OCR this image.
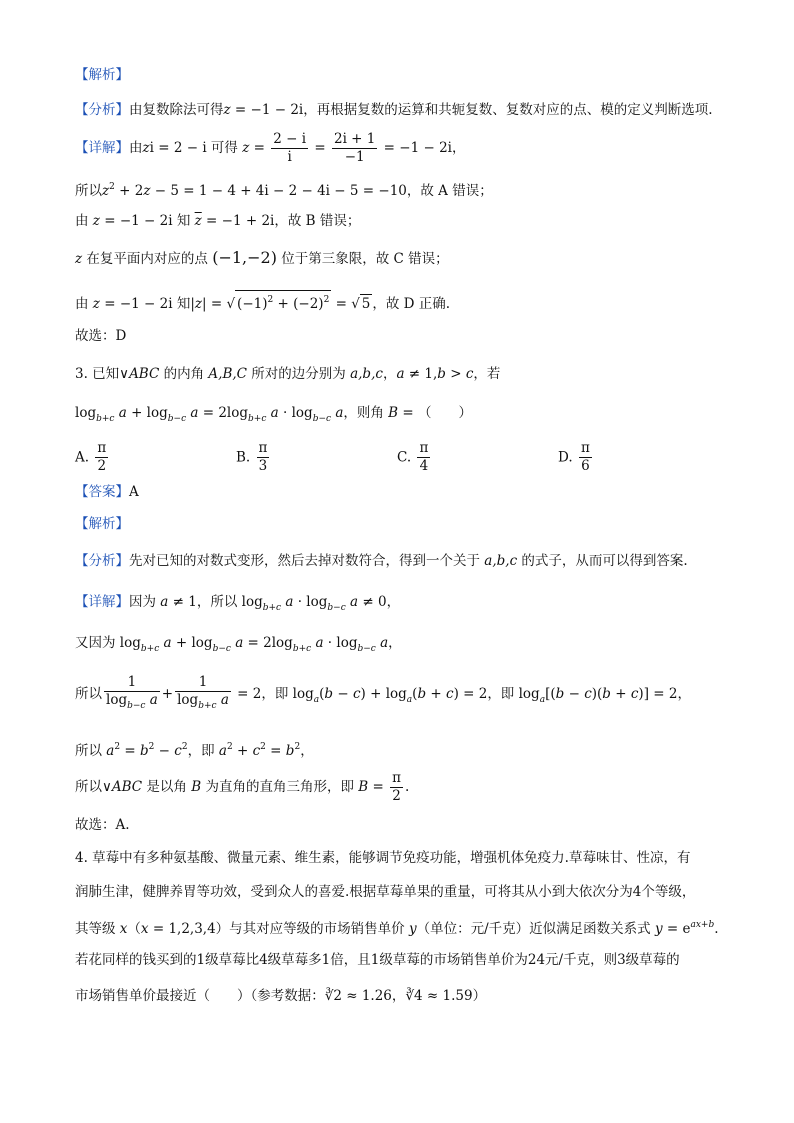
【解析】
【分析】由复数除法可得z = −1 − 2i，再根据复数的运算和共轭复数、复数对应的点、模的定义判断选项.
【详解】由zi = 2 − i 可得 $z = \frac{2 - i}{i} = \frac{2i + 1}{-1} = -1 - 2i$，
所以$z^2 + 2z - 5 = 1 - 4 + 4i - 2 - 4i - 5 = -10$，故 A 错误；
由 z = −1 − 2i 知 $\overline{z} = -1 + 2i$，故 B 错误；
z 在复平面内对应的点 (−1,−2) 位于第三象限，故 C 错误；
由 z = −1 − 2i 知|z| = √ $(-1)^2 + (-2)^2$ = √ 5 ，故 D 正确.
故选：D
3. 已知∨ABC 的内角 A,B,C 所对的边分别为 a,b,c，a ≠ 1,b > c，若
$\log_{b+c} a + \log_{b-c} a = 2\log_{b+c}$ $a \cdot \log_{b-c} a$，则角 B = （　　）
A. $\frac{\pi}{2}$	B. $\frac{\pi}{3}$	C. $\frac{\pi}{4}$	D. $\frac{\pi}{6}$
【答案】A
【解析】
【分析】先对已知的对数式变形，然后去掉对数符合，得到一个关于 a,b,c 的式子，从而可以得到答案.
【详解】因为 a ≠ 1，所以 $\log_{b+c} a \cdot \log_{b-c} a \ne 0$，
又因为 $\log_{b+c} a + \log_{b-c} a = 2\log_{b+c}$ $a \cdot \log_{b-c} a$，
所以 $\frac{1}{\log_{b-c} a} + \frac{1}{\log_{b+c} a} = 2$，即 $\log_a(b - c) + \log_a(b + c) = 2$，即 $\log_a[(b - c)(b + c)] = 2$，
所以 $a^2 = b^2 - c^2$，即 $a^2 + c^2 = b^2$，
所以∨ABC 是以角 B 为直角的直角三角形，即 $B = \frac{\pi}{2}$ .
故选：A.
4. 草莓中有多种氨基酸、微量元素、维生素，能够调节免疫功能，增强机体免疫力.草莓味甘、性凉，有
润肺生津，健脾养胃等功效，受到众人的喜爱.根据草莓单果的重量，可将其从小到大依次分为4个等级，
其等级 x（x = 1,2,3,4）与其对应等级的市场销售单价 y（单位：元/千克）近似满足函数关系式 $y = e^{ax+b}$.
若花同样的钱买到的1级草莓比4级草莓多1倍，且1级草莓的市场销售单价为24元/千克，则3级草莓的
市场销售单价最接近（　　）（参考数据：∛2 ≈ 1.26，∛4 ≈ 1.59）
